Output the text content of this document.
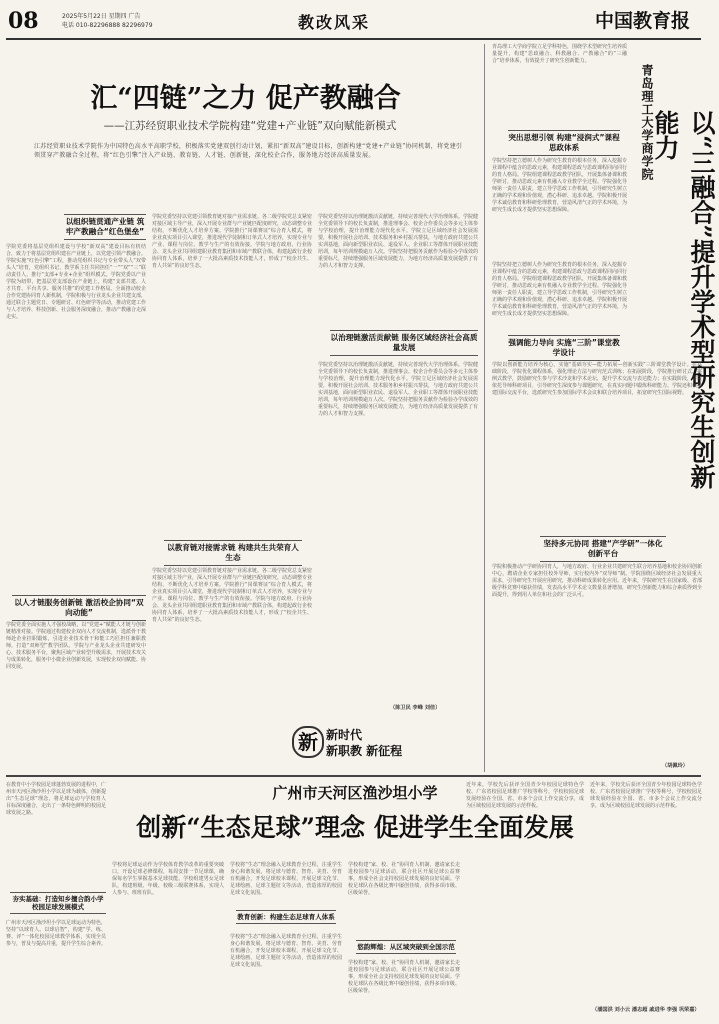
08	2025年5月22日 星期四 广告
电话 010-82296888 82296979	教改风采	中国教育报
汇“四链”之力 促产教融合
——江苏经贸职业技术学院构建“党建+产业链”双向赋能新模式
江苏经贸职业技术学院作为中国特色高水平高职学校，积极落实党建双创行动计划，紧扣“新双高”建设目标，创新构建“党建+产业链”协同机制，将党建引领贯穿产教融合全过程，将“红色引擎”注入产业链、教育链、人才链、创新链，深化校企合作，服务地方经济高质量发展。
以组织链贯通产业链 筑牢产教融合“红色堡垒”
学院党委将基层党组织建设与学校“新双高”建设目标有机结合，致力于将基层党组织建在产业链上，以党建引领产教融合。学院实施“红色引擎”工程，推动党组织书记与专业带头人“双带头人”培育，党组织书记、教学系主任共同担任“一”“双”“三”联动责任人，推行“支部+专业+企业”组织模式。学院党委以产业学院为纽带，把基层党支部设在产业链上，构建“支部共建、人才共育、平台共享、服务共推”的党建工作格局。全面推动校企合作党建协同育人新机制，学院积极与行业龙头企业共建支部，通过联合主题党日、专题研讨、红色研学等活动，推动党建工作与人才培养、科技创新、社会服务深度融合，推动产教融合走深走实。
以人才链服务创新链 激活校企协同“双向动能”
学院党委全面实施人才强校战略，以“党建+”赋能人才链与创新链精准对接。学院通过构建校企双向人才交流机制，选派骨干教师赴企业挂职锻炼，引进企业技术骨干和能工巧匠担任兼职教师，打造“双师型”教学团队。学院与产业龙头企业共建研发中心、技术服务平台，聚焦区域产业转型升级需求，开展技术攻关与成果转化，服务中小微企业创新发展，实现校企双向赋能、协同发展。
学院党委坚持以党建引领教育链对接产业需求链。各二级学院党总支紧密对接区域主导产业，深入开展专业群与产业链匹配度研究，动态调整专业结构，不断优化人才培养方案。学院推行“岗课赛证”综合育人模式，将企业真实项目引入课堂，推进现代学徒制和订单式人才培养，实现专业与产业、课程与岗位、教学与生产的有效衔接。学院与地方政府、行业协会、龙头企业共同组建职业教育集团和市域产教联合体，构建起政行企校协同育人体系，培养了一大批高素质技术技能人才，形成了“校企共生、育人共荣”的良好生态。
以教育链对接需求链 构建共生共荣育人生态
学院党委坚持以党建引领教育链对接产业需求链。各二级学院党总支紧密对接区域主导产业，深入开展专业群与产业链匹配度研究，动态调整专业结构，不断优化人才培养方案。学院推行“岗课赛证”综合育人模式，将企业真实项目引入课堂，推进现代学徒制和订单式人才培养，实现专业与产业、课程与岗位、教学与生产的有效衔接。学院与地方政府、行业协会、龙头企业共同组建职业教育集团和市域产教联合体，构建起政行企校协同育人体系，培养了一大批高素质技术技能人才，形成了“校企共生、育人共荣”的良好生态。
学院党委坚持以治理链激活贡献链，持续完善现代大学治理体系。学院健全党委领导下的校长负责制，推进理事会、校企合作委员会等多元主体参与学校治理，提升治理能力现代化水平。学院立足区域经济社会发展需要，积极开展社会培训、技术服务和乡村振兴帮扶，与地方政府共建公共实训基地，面向新型职业农民、退役军人、企业职工等群体开展职业技能培训，每年培训规模逾万人次。学院坚持把服务贡献作为检验办学成效的重要标尺，持续增强服务区域发展能力，为地方经济高质量发展提供了有力的人才和智力支撑。
以治理链激活贡献链 服务区域经济社会高质量发展
学院党委坚持以治理链激活贡献链，持续完善现代大学治理体系。学院健全党委领导下的校长负责制，推进理事会、校企合作委员会等多元主体参与学校治理，提升治理能力现代化水平。学院立足区域经济社会发展需要，积极开展社会培训、技术服务和乡村振兴帮扶，与地方政府共建公共实训基地，面向新型职业农民、退役军人、企业职工等群体开展职业技能培训，每年培训规模逾万人次。学院坚持把服务贡献作为检验办学成效的重要标尺，持续增强服务区域发展能力，为地方经济高质量发展提供了有力的人才和智力支撑。
（陈卫民 李峰 刘佳）
新 新时代
新职教 新征程
青岛理工大学商学院立足学科特色，围绕学术型研究生培养质量提升，构建“思政融合、科教融合、产教融合”的“三融合”培养体系，有效提升了研究生创新能力。
青岛理工大学商学院	以“三融合”提升学术型研究生创新能力
突出思想引领 构建“浸润式”课程思政体系
学院坚持把立德树人作为研究生教育的根本任务，深入挖掘专业课程中蕴含的思政元素，构建课程思政与思政课程同向同行的育人格局。学院组建课程思政教学团队，开展集体备课和教学研讨，推动思政元素有机融入专业教学全过程。学院强化导师第一责任人职责，建立导学思政工作机制，引导研究生树立正确的学术观和价值观，潜心科研、追求卓越。学院积极开展学术诚信教育和科研伦理教育，营造风清气正的学术环境，为研究生成长成才提供坚实思想保障。
学院坚持把立德树人作为研究生教育的根本任务，深入挖掘专业课程中蕴含的思政元素，构建课程思政与思政课程同向同行的育人格局。学院组建课程思政教学团队，开展集体备课和教学研讨，推动思政元素有机融入专业教学全过程。学院强化导师第一责任人职责，建立导学思政工作机制，引导研究生树立正确的学术观和价值观，潜心科研、追求卓越。学院积极开展学术诚信教育和科研伦理教育，营造风清气正的学术环境，为研究生成长成才提供坚实思想保障。
强调能力导向 实施“三阶”课堂教学设计
学院以创新能力培养为核心，实施“基础夯实—能力拓展—创新实践”三阶课堂教学设计。在基础阶段，学院优化课程体系，强化理论方法与研究范式训练；在拓展阶段，学院推行研讨式、案例式教学，鼓励研究生参与学术沙龙和学术论坛，提升学术交流与表达能力；在实践阶段，学院依托导师科研项目，引导研究生深度参与课题研究，在真实问题中锻炼科研能力。学院还积极搭建国际交流平台，选派研究生参加国际学术会议和联合培养项目，拓宽研究生国际视野。
坚持多元协同 搭建“产学研”一体化创新平台
学院积极推动产学研协同育人，与地方政府、行业企业共建研究生联合培养基地和校企协同创新中心，聘请企业专家担任校外导师，实行校内外“双导师”制。学院围绕区域经济社会发展重大需求，引导研究生开展应用研究，推动科研成果转化应用。近年来，学院研究生在国家级、省部级学科竞赛中屡获佳绩，发表高水平学术论文数量显著增加，研究生创新能力和综合素质得到全面提升，得到用人单位和社会的广泛认可。
（胡佩玲）
广州市天河区渔沙坦小学
创新“生态足球”理念 促进学生全面发展
在教育中小学校园足球蓬勃发展的进程中，广州市天河区渔沙坦小学以足球为载体，创新提出“生态足球”理念，将足球运动与学校育人目标深度融合，走出了一条特色鲜明的校园足球发展之路。
夯实基础：打造知乡擅合韵小学校园足球发展模式
广州市天河区渔沙坦小学以足球运动为特色，坚持“以球育人、以球启智”，构建“学、练、赛、评”一体化校园足球教学体系，实现全员参与，普及与提高并重，提升学生综合素养。
学校将足球运动作为学校体育教学改革的重要突破口，开设足球必修课程，每周安排一节足球课，确保每名学生掌握基本足球技能。学校组建男女足球队，构建班级、年级、校级三级联赛体系，实现人人参与、班班有队。
学校将“生态”理念融入足球教育全过程，注重学生身心和谐发展，将足球与德育、智育、美育、劳育有机融合，开发足球校本课程，开展足球文化节、足球绘画、足球主题征文等活动，营造浓厚的校园足球文化氛围。
教育创新：构建生态足球育人体系
学校将“生态”理念融入足球教育全过程，注重学生身心和谐发展，将足球与德育、智育、美育、劳育有机融合，开发足球校本课程，开展足球文化节、足球绘画、足球主题征文等活动，营造浓厚的校园足球文化氛围。
学校构建“家、校、社”协同育人机制，邀请家长走进校园参与足球活动，联合社区开展足球公益赛事，形成全社会支持校园足球发展的良好局面。学校足球队在各级比赛中屡创佳绩，获得多项市级、区级荣誉。
悠韵辉煌：从区域突破到全国示范
学校构建“家、校、社”协同育人机制，邀请家长走进校园参与足球活动，联合社区开展足球公益赛事，形成全社会支持校园足球发展的良好局面。学校足球队在各级比赛中屡创佳绩，获得多项市级、区级荣誉。
近年来，学校先后获评全国青少年校园足球特色学校、广东省校园足球推广学校等称号，学校校园足球发展经验在全国、省、市多个会议上作交流分享，成为区域校园足球发展的示范样板。
近年来，学校先后获评全国青少年校园足球特色学校、广东省校园足球推广学校等称号，学校校园足球发展经验在全国、省、市多个会议上作交流分享，成为区域校园足球发展的示范样板。
（潘国洪 刘小云 潘志超 戚进华 李强 巩荣嘉）
